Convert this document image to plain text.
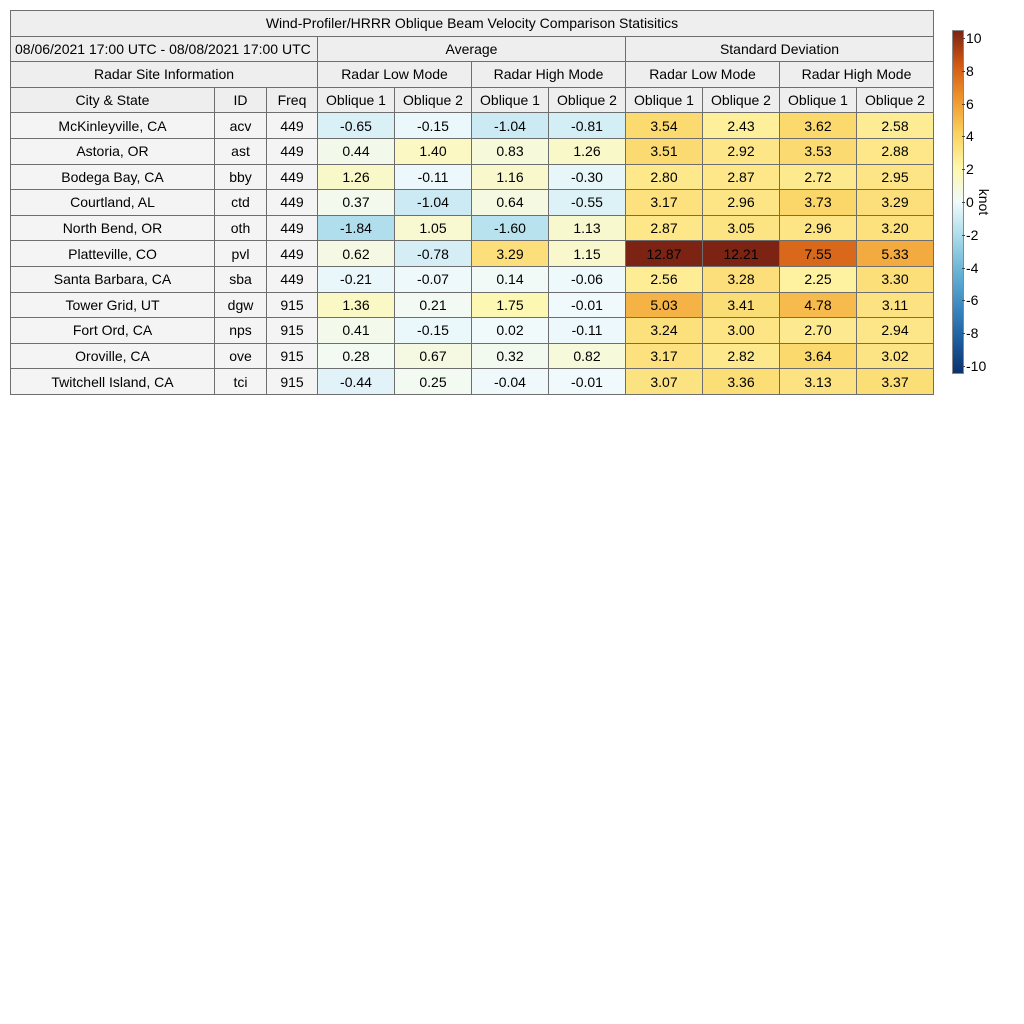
Wind-Profiler/HRRR Oblique Beam Velocity Comparison Statisitics										
08/06/2021 17:00 UTC - 08/08/2021 17:00 UTC			Average				Standard Deviation			
Radar Site Information			Radar Low Mode		Radar High Mode		Radar Low Mode		Radar High Mode	
City & State	ID	Freq	Oblique 1	Oblique 2	Oblique 1	Oblique 2	Oblique 1	Oblique 2	Oblique 1	Oblique 2
McKinleyville, CA	acv	449	-0.65	-0.15	-1.04	-0.81	3.54	2.43	3.62	2.58
Astoria, OR	ast	449	0.44	1.40	0.83	1.26	3.51	2.92	3.53	2.88
Bodega Bay, CA	bby	449	1.26	-0.11	1.16	-0.30	2.80	2.87	2.72	2.95
Courtland, AL	ctd	449	0.37	-1.04	0.64	-0.55	3.17	2.96	3.73	3.29
North Bend, OR	oth	449	-1.84	1.05	-1.60	1.13	2.87	3.05	2.96	3.20
Platteville, CO	pvl	449	0.62	-0.78	3.29	1.15	12.87	12.21	7.55	5.33
Santa Barbara, CA	sba	449	-0.21	-0.07	0.14	-0.06	2.56	3.28	2.25	3.30
Tower Grid, UT	dgw	915	1.36	0.21	1.75	-0.01	5.03	3.41	4.78	3.11
Fort Ord, CA	nps	915	0.41	-0.15	0.02	-0.11	3.24	3.00	2.70	2.94
Oroville, CA	ove	915	0.28	0.67	0.32	0.82	3.17	2.82	3.64	3.02
Twitchell Island, CA	tci	915	-0.44	0.25	-0.04	-0.01	3.07	3.36	3.13	3.37
10
8
6
4
2
0
-2
-4
-6
-8
-10
knot
